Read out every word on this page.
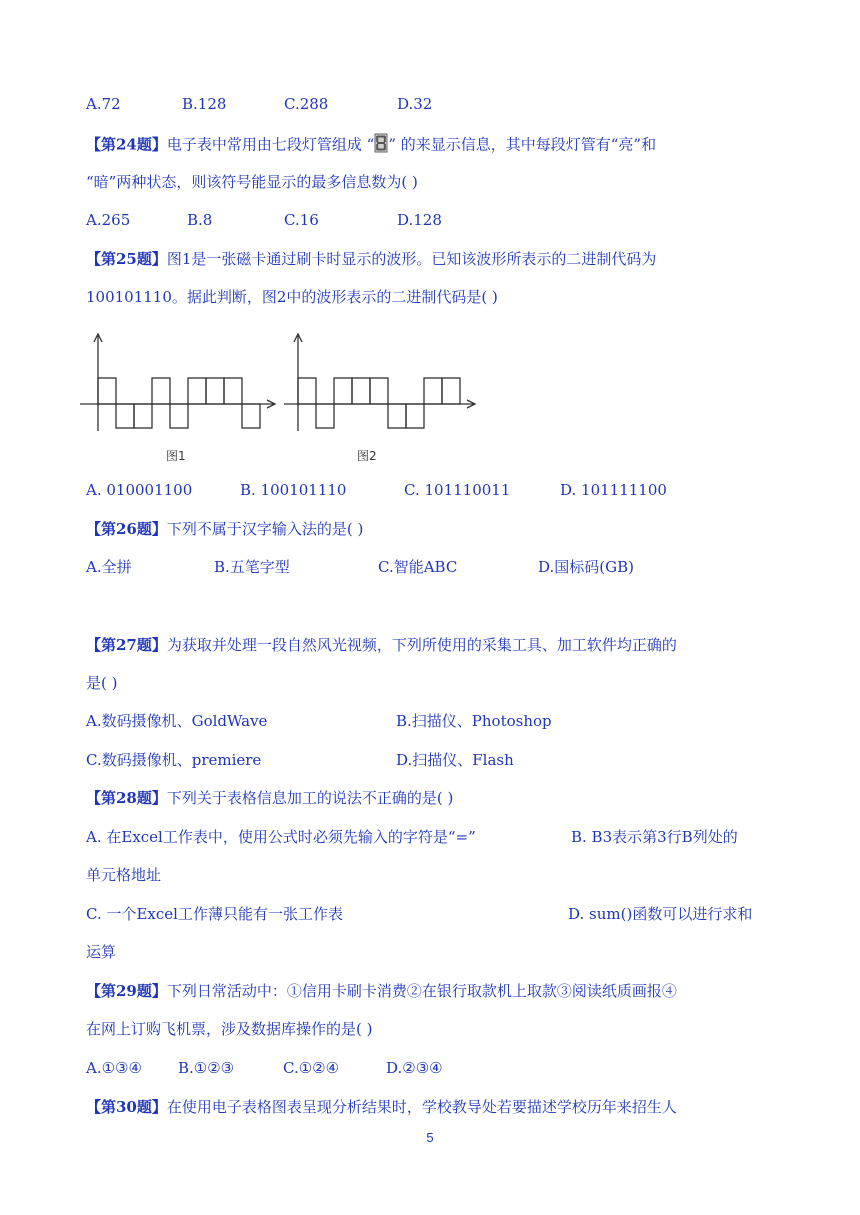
A.72	B.128	C.288	D.32
【第24题】电子表中常用由七段灯管组成 “ ” 的来显示信息，其中每段灯管有“亮”和
“暗”两种状态，则该符号能显示的最多信息数为( )
A.265	B.8	C.16	D.128
【第25题】图1是一张磁卡通过刷卡时显示的波形。已知该波形所表示的二进制代码为
100101110。据此判断，图2中的波形表示的二进制代码是( )
图1	图2
A. 010001100	B. 100101110	C. 101110011	D. 101111100
【第26题】下列不属于汉字输入法的是( )
A.全拼	B.五笔字型	C.智能ABC	D.国标码(GB)
【第27题】为获取并处理一段自然风光视频，下列所使用的采集工具、加工软件均正确的
是( )
A.数码摄像机、GoldWave	B.扫描仪、Photoshop
C.数码摄像机、premiere	D.扫描仪、Flash
【第28题】下列关于表格信息加工的说法不正确的是( )
A. 在Excel工作表中，使用公式时必须先输入的字符是“=”	B. B3表示第3行B列处的
单元格地址
C. 一个Excel工作薄只能有一张工作表	D. sum()函数可以进行求和
运算
【第29题】下列日常活动中：①信用卡刷卡消费②在银行取款机上取款③阅读纸质画报④
在网上订购飞机票，涉及数据库操作的是( )
A.①③④ B.①②③	C.①②④	D.②③④
【第30题】在使用电子表格图表呈现分析结果时，学校教导处若要描述学校历年来招生人
5
